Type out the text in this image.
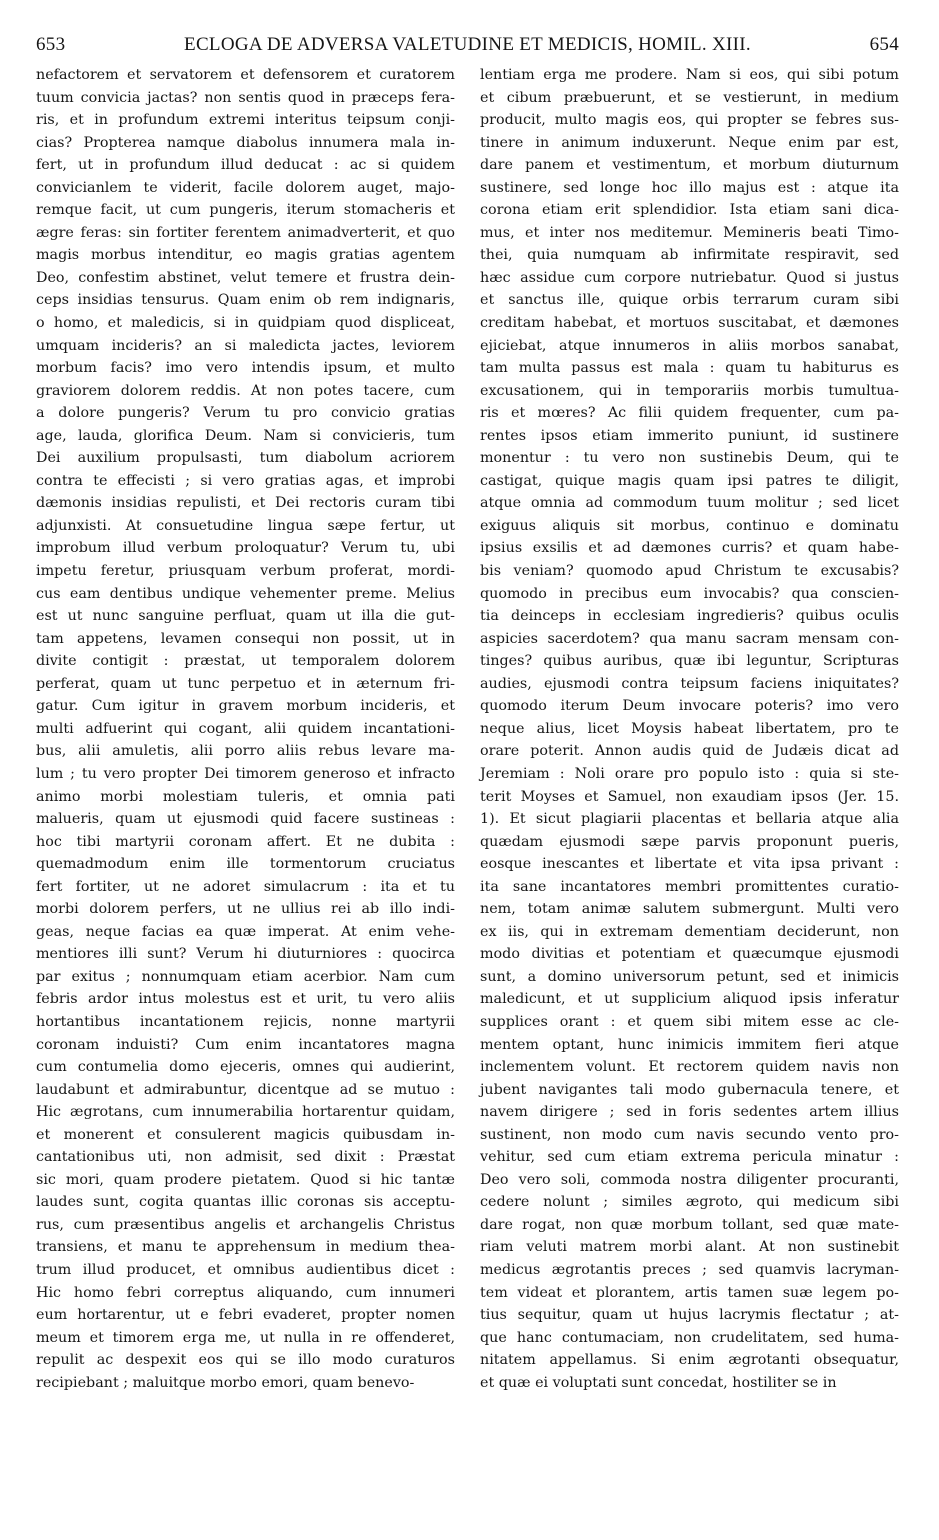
653	ECLOGA DE ADVERSA VALETUDINE ET MEDICIS, HOMIL. XIII.	654
nefactorem et servatorem et defensorem et curatorem
tuum convicia jactas? non sentis quod in præceps fera-
ris, et in profundum extremi interitus teipsum conji-
cias? Propterea namque diabolus innumera mala in-
fert, ut in profundum illud deducat : ac si quidem
convicianlem te viderit, facile dolorem auget, majo-
remque facit, ut cum pungeris, iterum stomacheris et
ægre feras: sin fortiter ferentem animadverterit, et quo
magis morbus intenditur, eo magis gratias agentem
Deo, confestim abstinet, velut temere et frustra dein-
ceps insidias tensurus. Quam enim ob rem indignaris,
o homo, et maledicis, si in quidpiam quod displiceat,
umquam incideris? an si maledicta jactes, leviorem
morbum facis? imo vero intendis ipsum, et multo
graviorem dolorem reddis. At non potes tacere, cum
a dolore pungeris? Verum tu pro convicio gratias
age, lauda, glorifica Deum. Nam si convicieris, tum
Dei auxilium propulsasti, tum diabolum acriorem
contra te effecisti ; si vero gratias agas, et improbi
dæmonis insidias repulisti, et Dei rectoris curam tibi
adjunxisti. At consuetudine lingua sæpe fertur, ut
improbum illud verbum proloquatur? Verum tu, ubi
impetu feretur, priusquam verbum proferat, mordi-
cus eam dentibus undique vehementer preme. Melius
est ut nunc sanguine perfluat, quam ut illa die gut-
tam appetens, levamen consequi non possit, ut in
divite contigit : præstat, ut temporalem dolorem
perferat, quam ut tunc perpetuo et in æternum fri-
gatur. Cum igitur in gravem morbum incideris, et
multi adfuerint qui cogant, alii quidem incantationi-
bus, alii amuletis, alii porro aliis rebus levare ma-
lum ; tu vero propter Dei timorem generoso et infracto
animo morbi molestiam tuleris, et omnia pati
malueris, quam ut ejusmodi quid facere sustineas :
hoc tibi martyrii coronam affert. Et ne dubita :
quemadmodum enim ille tormentorum cruciatus
fert fortiter, ut ne adoret simulacrum : ita et tu
morbi dolorem perfers, ut ne ullius rei ab illo indi-
geas, neque facias ea quæ imperat. At enim vehe-
mentiores illi sunt? Verum hi diuturniores : quocirca
par exitus ; nonnumquam etiam acerbior. Nam cum
febris ardor intus molestus est et urit, tu vero aliis
hortantibus incantationem rejicis, nonne martyrii
coronam induisti? Cum enim incantatores magna
cum contumelia domo ejeceris, omnes qui audierint,
laudabunt et admirabuntur, dicentque ad se mutuo :
Hic ægrotans, cum innumerabilia hortarentur quidam,
et monerent et consulerent magicis quibusdam in-
cantationibus uti, non admisit, sed dixit : Præstat
sic mori, quam prodere pietatem. Quod si hic tantæ
laudes sunt, cogita quantas illic coronas sis acceptu-
rus, cum præsentibus angelis et archangelis Christus
transiens, et manu te apprehensum in medium thea-
trum illud producet, et omnibus audientibus dicet :
Hic homo febri correptus aliquando, cum innumeri
eum hortarentur, ut e febri evaderet, propter nomen
meum et timorem erga me, ut nulla in re offenderet,
repulit ac despexit eos qui se illo modo curaturos
recipiebant ; maluitque morbo emori, quam benevo-
lentiam erga me prodere. Nam si eos, qui sibi potum
et cibum præbuerunt, et se vestierunt, in medium
producit, multo magis eos, qui propter se febres sus-
tinere in animum induxerunt. Neque enim par est,
dare panem et vestimentum, et morbum diuturnum
sustinere, sed longe hoc illo majus est : atque ita
corona etiam erit splendidior. Ista etiam sani dica-
mus, et inter nos meditemur. Memineris beati Timo-
thei, quia numquam ab infirmitate respiravit, sed
hæc assidue cum corpore nutriebatur. Quod si justus
et sanctus ille, quique orbis terrarum curam sibi
creditam habebat, et mortuos suscitabat, et dæmones
ejiciebat, atque innumeros in aliis morbos sanabat,
tam multa passus est mala : quam tu habiturus es
excusationem, qui in temporariis morbis tumultua-
ris et mœres? Ac filii quidem frequenter, cum pa-
rentes ipsos etiam immerito puniunt, id sustinere
monentur : tu vero non sustinebis Deum, qui te
castigat, quique magis quam ipsi patres te diligit,
atque omnia ad commodum tuum molitur ; sed licet
exiguus aliquis sit morbus, continuo e dominatu
ipsius exsilis et ad dæmones curris? et quam habe-
bis veniam? quomodo apud Christum te excusabis?
quomodo in precibus eum invocabis? qua conscien-
tia deinceps in ecclesiam ingredieris? quibus oculis
aspicies sacerdotem? qua manu sacram mensam con-
tinges? quibus auribus, quæ ibi leguntur, Scripturas
audies, ejusmodi contra teipsum faciens iniquitates?
quomodo iterum Deum invocare poteris? imo vero
neque alius, licet Moysis habeat libertatem, pro te
orare poterit. Annon audis quid de Judæis dicat ad
Jeremiam : Noli orare pro populo isto : quia si ste-
terit Moyses et Samuel, non exaudiam ipsos (Jer. 15.
1). Et sicut plagiarii placentas et bellaria atque alia
quædam ejusmodi sæpe parvis proponunt pueris,
eosque inescantes et libertate et vita ipsa privant :
ita sane incantatores membri promittentes curatio-
nem, totam animæ salutem submergunt. Multi vero
ex iis, qui in extremam dementiam deciderunt, non
modo divitias et potentiam et quæcumque ejusmodi
sunt, a domino universorum petunt, sed et inimicis
maledicunt, et ut supplicium aliquod ipsis inferatur
supplices orant : et quem sibi mitem esse ac cle-
mentem optant, hunc inimicis immitem fieri atque
inclementem volunt. Et rectorem quidem navis non
jubent navigantes tali modo gubernacula tenere, et
navem dirigere ; sed in foris sedentes artem illius
sustinent, non modo cum navis secundo vento pro-
vehitur, sed cum etiam extrema pericula minatur :
Deo vero soli, commoda nostra diligenter procuranti,
cedere nolunt ; similes ægroto, qui medicum sibi
dare rogat, non quæ morbum tollant, sed quæ mate-
riam veluti matrem morbi alant. At non sustinebit
medicus ægrotantis preces ; sed quamvis lacryman-
tem videat et plorantem, artis tamen suæ legem po-
tius sequitur, quam ut hujus lacrymis flectatur ; at-
que hanc contumaciam, non crudelitatem, sed huma-
nitatem appellamus. Si enim ægrotanti obsequatur,
et quæ ei voluptati sunt concedat, hostiliter se in
